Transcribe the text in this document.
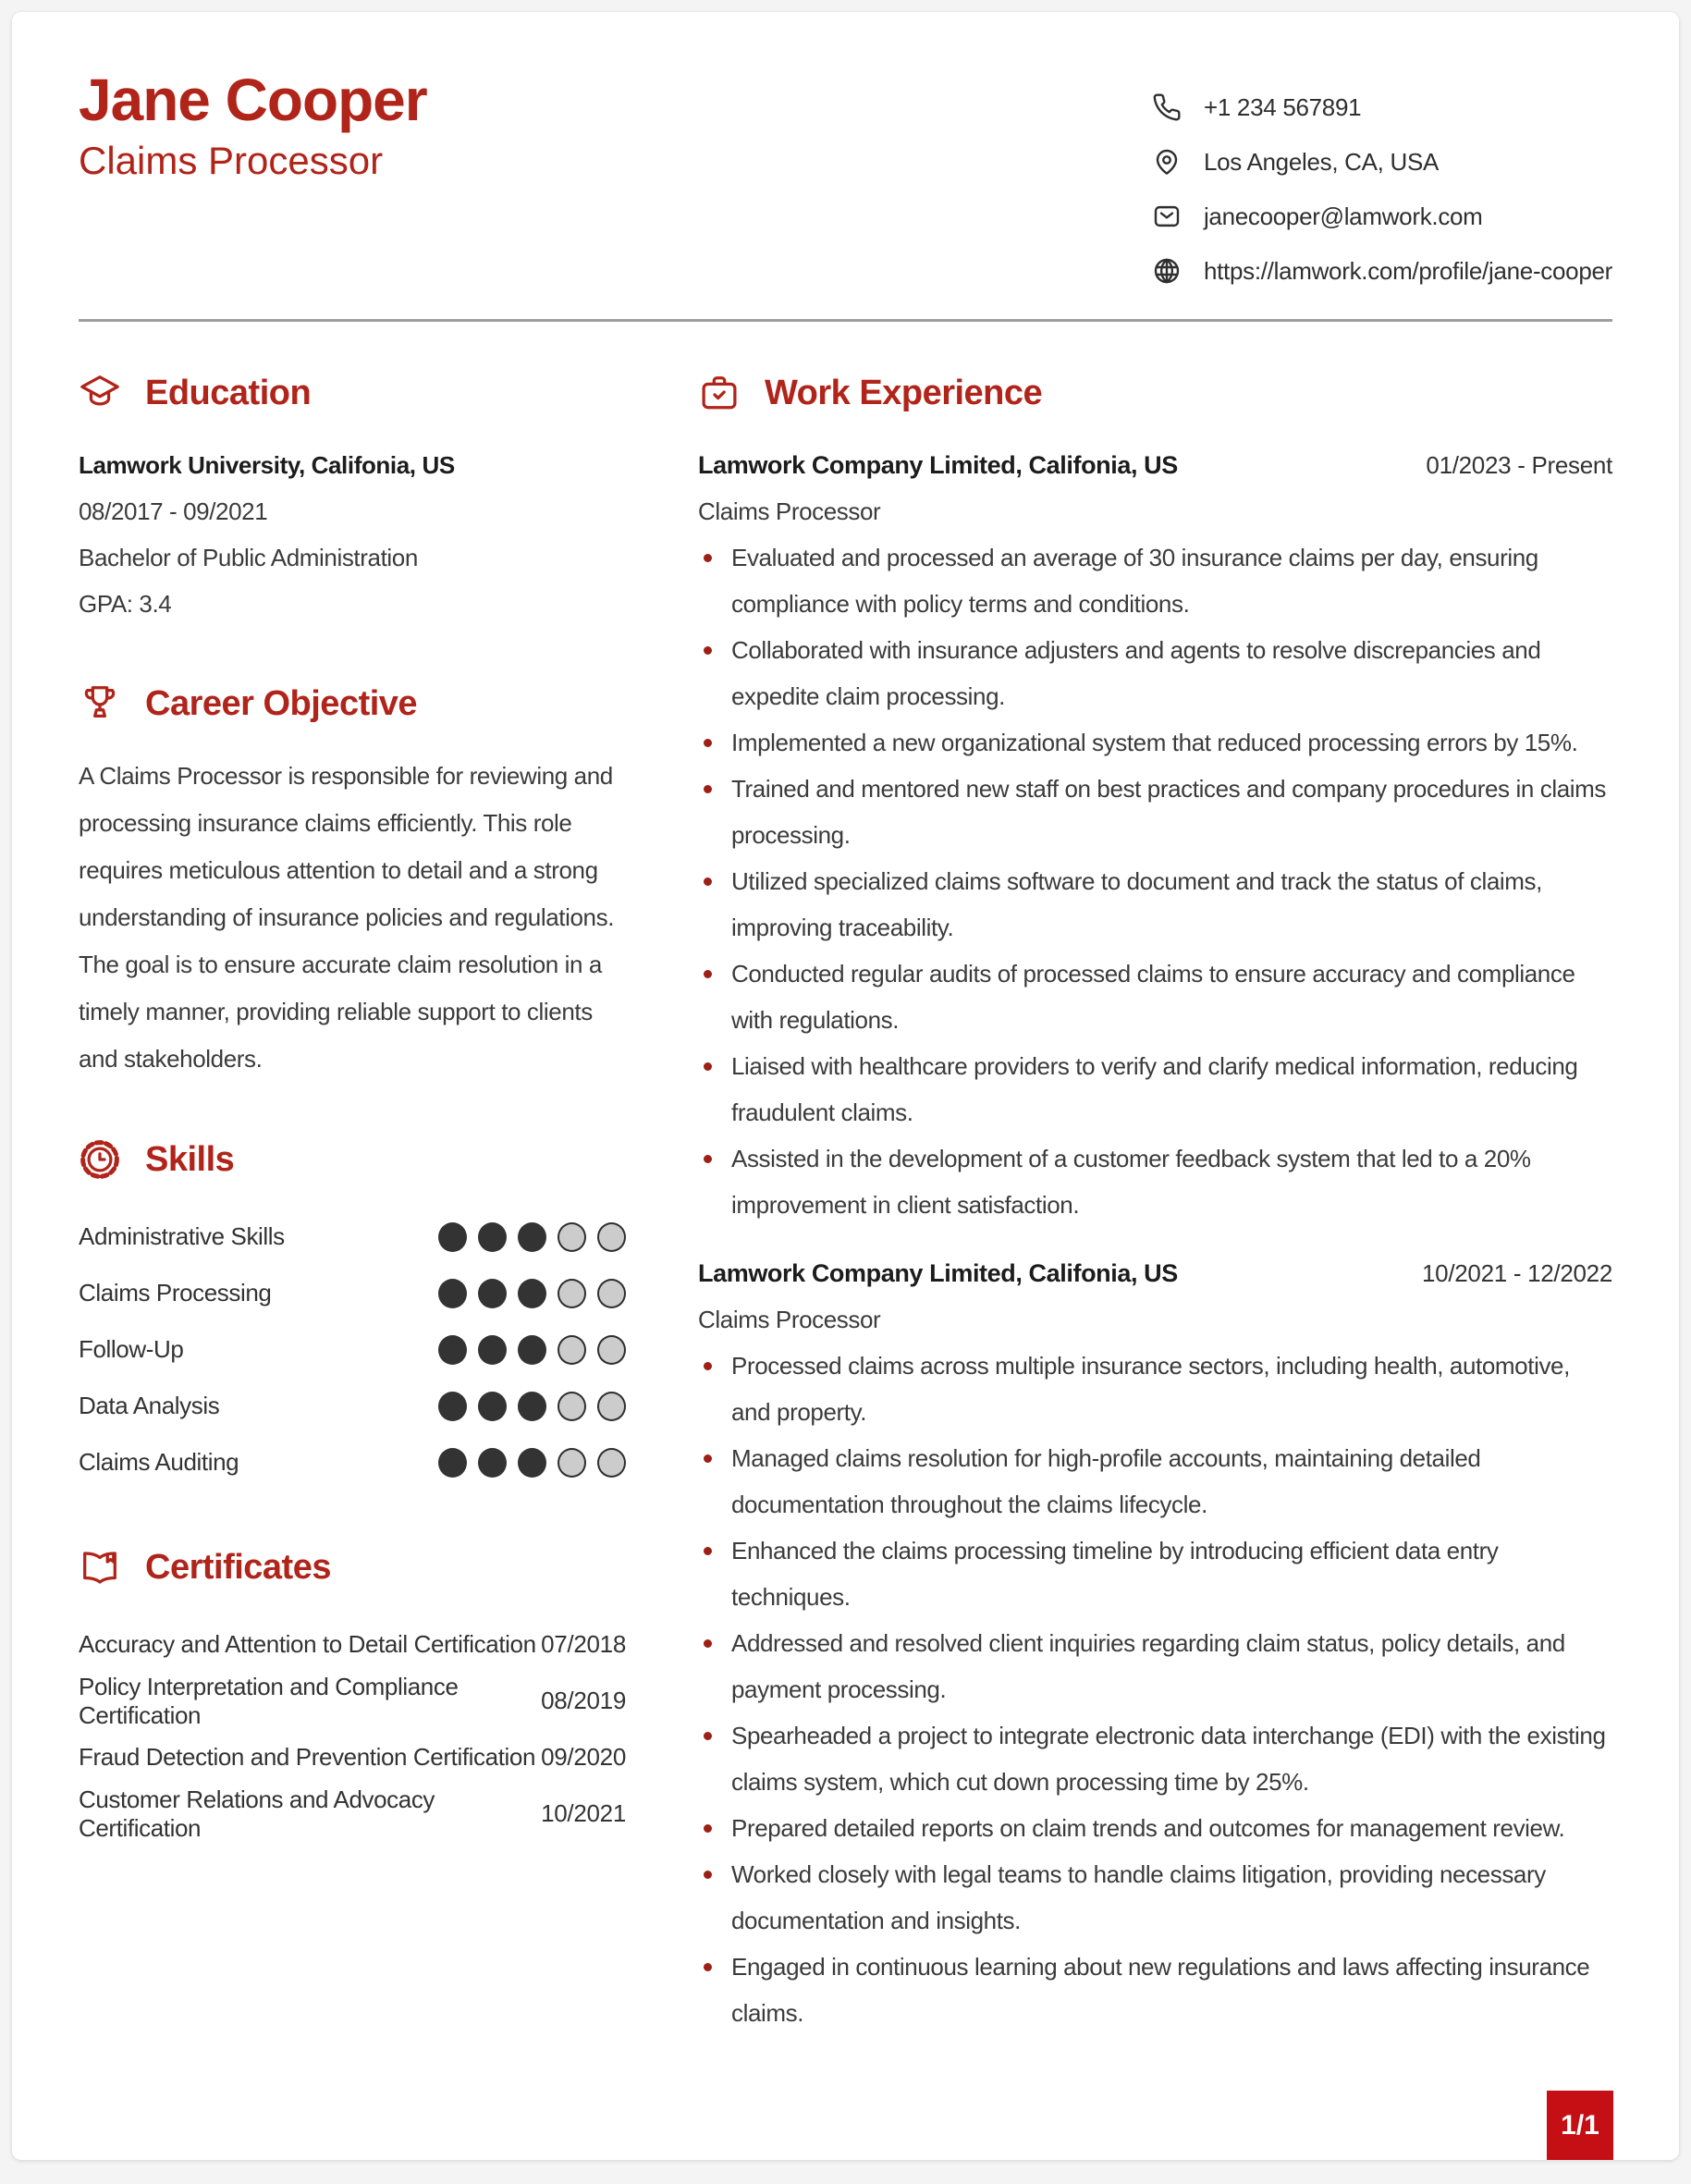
Jane Cooper
Claims Processor
+1 234 567891
Los Angeles, CA, USA
janecooper@lamwork.com
https://lamwork.com/profile/jane-cooper
Education

Lamwork University, Califonia, US

08/2017 - 09/2021

Bachelor of Public Administration

GPA: 3.4

Career Objective

A Claims Processor is responsible for reviewing and processing insurance claims efficiently. This role requires meticulous attention to detail and a strong understanding of insurance policies and regulations. The goal is to ensure accurate claim resolution in a timely manner, providing reliable support to clients and stakeholders.

Skills
Administrative Skills
Claims Processing
Follow-Up
Data Analysis
Claims Auditing
Certificates
Accuracy and Attention to Detail Certification 07/2018
Policy Interpretation and Compliance Certification
08/2019
Fraud Detection and Prevention Certification 09/2020
Customer Relations and Advocacy Certification
10/2021
Work Experience
Lamwork Company Limited, Califonia, US	01/2023 - Present
Claims Processor
Evaluated and processed an average of 30 insurance claims per day, ensuring compliance with policy terms and conditions.
Collaborated with insurance adjusters and agents to resolve discrepancies and expedite claim processing.
Implemented a new organizational system that reduced processing errors by 15%.
Trained and mentored new staff on best practices and company procedures in claims processing.
Utilized specialized claims software to document and track the status of claims, improving traceability.
Conducted regular audits of processed claims to ensure accuracy and compliance with regulations.
Liaised with healthcare providers to verify and clarify medical information, reducing fraudulent claims.
Assisted in the development of a customer feedback system that led to a 20% improvement in client satisfaction.
Lamwork Company Limited, Califonia, US	10/2021 - 12/2022
Claims Processor
Processed claims across multiple insurance sectors, including health, automotive, and property.
Managed claims resolution for high-profile accounts, maintaining detailed documentation throughout the claims lifecycle.
Enhanced the claims processing timeline by introducing efficient data entry techniques.
Addressed and resolved client inquiries regarding claim status, policy details, and payment processing.
Spearheaded a project to integrate electronic data interchange (EDI) with the existing claims system, which cut down processing time by 25%.
Prepared detailed reports on claim trends and outcomes for management review.
Worked closely with legal teams to handle claims litigation, providing necessary documentation and insights.
Engaged in continuous learning about new regulations and laws affecting insurance claims.
1/1
